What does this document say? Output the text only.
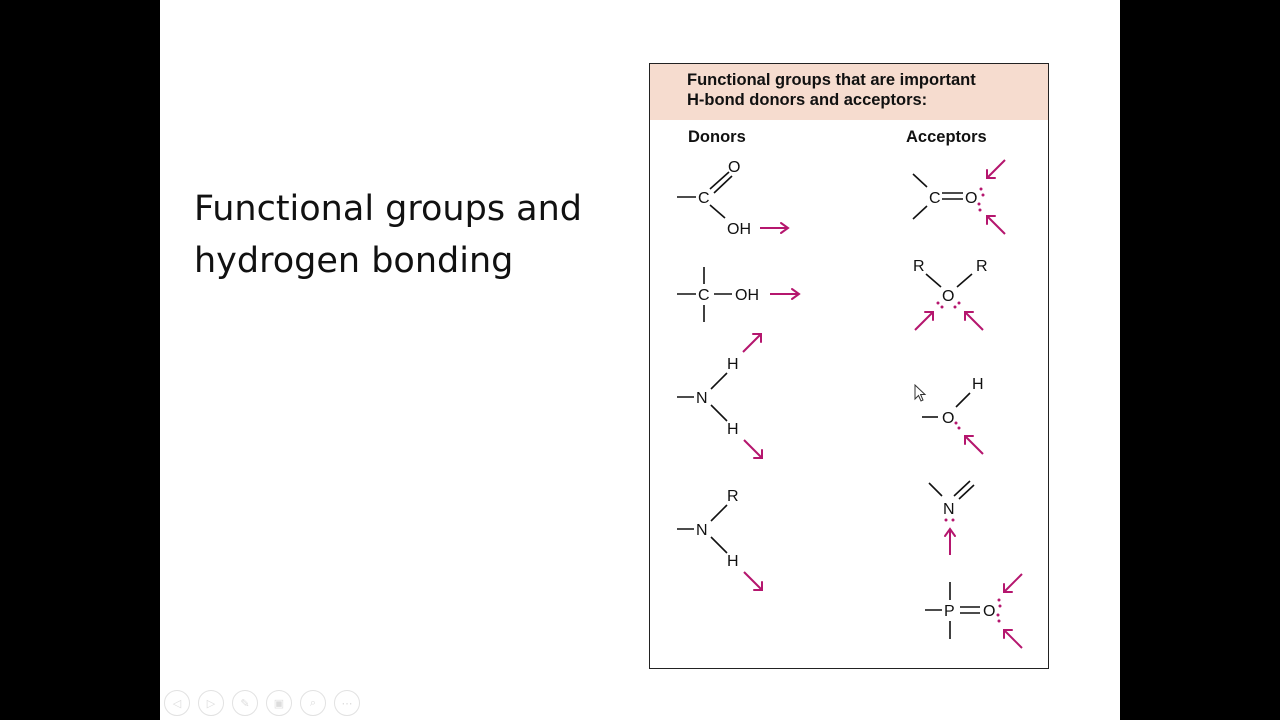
Functional groups and
hydrogen bonding
Functional groups that are important
H-bond donors and acceptors:
Donors	Acceptors
C
O
OH
C OH
N
H
H
N
R
H
C O
R	R
O
O
H
N
P O
◁ ▷ ✎ ▣ ⌕ ⋯
